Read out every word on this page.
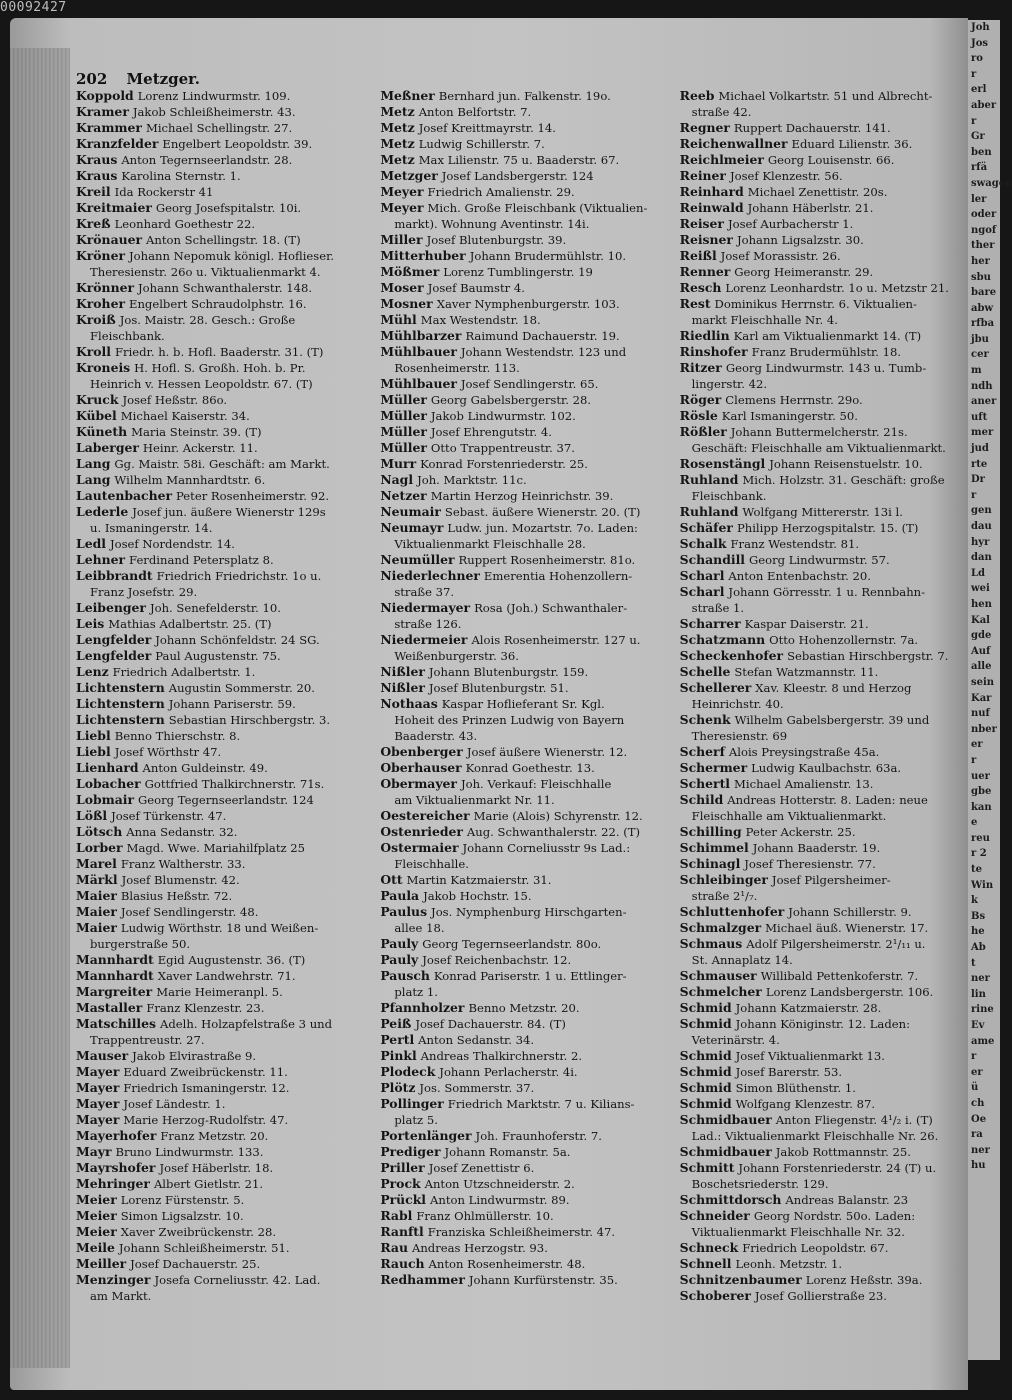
00092427
Joh
Jos
ro
r
erl
aber
r
Gr
ben
rfä
swagen
ler
oder
ngof
ther
her
sbu
bare
abw
rfba
jbu
cer
m
ndh
aner
uft
mer
jud
rte
Dr
r
gen
dau
hyr
dan
Ld
wei
hen
Kal
gde
Auf
alle
sein
Kar
nuf
nber
er
r
uer
gbe
kan
e
reu
r 2
te
Win
k
Bs
he
Ab
t
ner
lin
rine
Ev
ame
r
er
ü
ch
Oe
ra
ner
hu
202 Metzger.
Koppold Lorenz Lindwurmstr. 109.
Kramer Jakob Schleißheimerstr. 43.
Krammer Michael Schellingstr. 27.
Kranzfelder Engelbert Leopoldstr. 39.
Kraus Anton Tegernseerlandstr. 28.
Kraus Karolina Sternstr. 1.
Kreil Ida Rockerstr 41
Kreitmaier Georg Josefspitalstr. 10i.
Kreß Leonhard Goethestr 22.
Krönauer Anton Schellingstr. 18. (T)
Kröner Johann Nepomuk königl. Hoflieser.
Theresienstr. 26o u. Viktualienmarkt 4.
Krönner Johann Schwanthalerstr. 148.
Kroher Engelbert Schraudolphstr. 16.
Kroiß Jos. Maistr. 28. Gesch.: Große
Fleischbank.
Kroll Friedr. h. b. Hofl. Baaderstr. 31. (T)
Kroneis H. Hofl. S. Großh. Hoh. b. Pr.
Heinrich v. Hessen Leopoldstr. 67. (T)
Kruck Josef Heßstr. 86o.
Kübel Michael Kaiserstr. 34.
Küneth Maria Steinstr. 39. (T)
Laberger Heinr. Ackerstr. 11.
Lang Gg. Maistr. 58i. Geschäft: am Markt.
Lang Wilhelm Mannhardtstr. 6.
Lautenbacher Peter Rosenheimerstr. 92.
Lederle Josef jun. äußere Wienerstr 129s
u. Ismaningerstr. 14.
Ledl Josef Nordendstr. 14.
Lehner Ferdinand Petersplatz 8.
Leibbrandt Friedrich Friedrichstr. 1o u.
Franz Josefstr. 29.
Leibenger Joh. Senefelderstr. 10.
Leis Mathias Adalbertstr. 25. (T)
Lengfelder Johann Schönfeldstr. 24 SG.
Lengfelder Paul Augustenstr. 75.
Lenz Friedrich Adalbertstr. 1.
Lichtenstern Augustin Sommerstr. 20.
Lichtenstern Johann Pariserstr. 59.
Lichtenstern Sebastian Hirschbergstr. 3.
Liebl Benno Thierschstr. 8.
Liebl Josef Wörthstr 47.
Lienhard Anton Guldeinstr. 49.
Lobacher Gottfried Thalkirchnerstr. 71s.
Lobmair Georg Tegernseerlandstr. 124
Lößl Josef Türkenstr. 47.
Lötsch Anna Sedanstr. 32.
Lorber Magd. Wwe. Mariahilfplatz 25
Marel Franz Waltherstr. 33.
Märkl Josef Blumenstr. 42.
Maier Blasius Heßstr. 72.
Maier Josef Sendlingerstr. 48.
Maier Ludwig Wörthstr. 18 und Weißen-
burgerstraße 50.
Mannhardt Egid Augustenstr. 36. (T)
Mannhardt Xaver Landwehrstr. 71.
Margreiter Marie Heimeranpl. 5.
Mastaller Franz Klenzestr. 23.
Matschilles Adelh. Holzapfelstraße 3 und
Trappentreustr. 27.
Mauser Jakob Elvirastraße 9.
Mayer Eduard Zweibrückenstr. 11.
Mayer Friedrich Ismaningerstr. 12.
Mayer Josef Ländestr. 1.
Mayer Marie Herzog-Rudolfstr. 47.
Mayerhofer Franz Metzstr. 20.
Mayr Bruno Lindwurmstr. 133.
Mayrshofer Josef Häberlstr. 18.
Mehringer Albert Gietlstr. 21.
Meier Lorenz Fürstenstr. 5.
Meier Simon Ligsalzstr. 10.
Meier Xaver Zweibrückenstr. 28.
Meile Johann Schleißheimerstr. 51.
Meiller Josef Dachauerstr. 25.
Menzinger Josefa Corneliusstr. 42. Lad.
am Markt.
Meßner Bernhard jun. Falkenstr. 19o.
Metz Anton Belfortstr. 7.
Metz Josef Kreittmayrstr. 14.
Metz Ludwig Schillerstr. 7.
Metz Max Lilienstr. 75 u. Baaderstr. 67.
Metzger Josef Landsbergerstr. 124
Meyer Friedrich Amalienstr. 29.
Meyer Mich. Große Fleischbank (Viktualien-
markt). Wohnung Aventinstr. 14i.
Miller Josef Blutenburgstr. 39.
Mitterhuber Johann Brudermühlstr. 10.
Mößmer Lorenz Tumblingerstr. 19
Moser Josef Baumstr 4.
Mosner Xaver Nymphenburgerstr. 103.
Mühl Max Westendstr. 18.
Mühlbarzer Raimund Dachauerstr. 19.
Mühlbauer Johann Westendstr. 123 und
Rosenheimerstr. 113.
Mühlbauer Josef Sendlingerstr. 65.
Müller Georg Gabelsbergerstr. 28.
Müller Jakob Lindwurmstr. 102.
Müller Josef Ehrengutstr. 4.
Müller Otto Trappentreustr. 37.
Murr Konrad Forstenriederstr. 25.
Nagl Joh. Marktstr. 11c.
Netzer Martin Herzog Heinrichstr. 39.
Neumair Sebast. äußere Wienerstr. 20. (T)
Neumayr Ludw. jun. Mozartstr. 7o. Laden:
Viktualienmarkt Fleischhalle 28.
Neumüller Ruppert Rosenheimerstr. 81o.
Niederlechner Emerentia Hohenzollern-
straße 37.
Niedermayer Rosa (Joh.) Schwanthaler-
straße 126.
Niedermeier Alois Rosenheimerstr. 127 u.
Weißenburgerstr. 36.
Nißler Johann Blutenburgstr. 159.
Nißler Josef Blutenburgstr. 51.
Nothaas Kaspar Hoflieferant Sr. Kgl.
Hoheit des Prinzen Ludwig von Bayern
Baaderstr. 43.
Obenberger Josef äußere Wienerstr. 12.
Oberhauser Konrad Goethestr. 13.
Obermayer Joh. Verkauf: Fleischhalle
am Viktualienmarkt Nr. 11.
Oestereicher Marie (Alois) Schyrenstr. 12.
Ostenrieder Aug. Schwanthalerstr. 22. (T)
Ostermaier Johann Corneliusstr 9s Lad.:
Fleischhalle.
Ott Martin Katzmaierstr. 31.
Paula Jakob Hochstr. 15.
Paulus Jos. Nymphenburg Hirschgarten-
allee 18.
Pauly Georg Tegernseerlandstr. 80o.
Pauly Josef Reichenbachstr. 12.
Pausch Konrad Pariserstr. 1 u. Ettlinger-
platz 1.
Pfannholzer Benno Metzstr. 20.
Peiß Josef Dachauerstr. 84. (T)
Pertl Anton Sedanstr. 34.
Pinkl Andreas Thalkirchnerstr. 2.
Plodeck Johann Perlacherstr. 4i.
Plötz Jos. Sommerstr. 37.
Pollinger Friedrich Marktstr. 7 u. Kilians-
platz 5.
Portenlänger Joh. Fraunhoferstr. 7.
Prediger Johann Romanstr. 5a.
Priller Josef Zenettistr 6.
Prock Anton Utzschneiderstr. 2.
Prückl Anton Lindwurmstr. 89.
Rabl Franz Ohlmüllerstr. 10.
Ranftl Franziska Schleißheimerstr. 47.
Rau Andreas Herzogstr. 93.
Rauch Anton Rosenheimerstr. 48.
Redhammer Johann Kurfürstenstr. 35.
Reeb Michael Volkartstr. 51 und Albrecht-
straße 42.
Regner Ruppert Dachauerstr. 141.
Reichenwallner Eduard Lilienstr. 36.
Reichlmeier Georg Louisenstr. 66.
Reiner Josef Klenzestr. 56.
Reinhard Michael Zenettistr. 20s.
Reinwald Johann Häberlstr. 21.
Reiser Josef Aurbacherstr 1.
Reisner Johann Ligsalzstr. 30.
Reißl Josef Morassistr. 26.
Renner Georg Heimeranstr. 29.
Resch Lorenz Leonhardstr. 1o u. Metzstr 21.
Rest Dominikus Herrnstr. 6. Viktualien-
markt Fleischhalle Nr. 4.
Riedlin Karl am Viktualienmarkt 14. (T)
Rinshofer Franz Brudermühlstr. 18.
Ritzer Georg Lindwurmstr. 143 u. Tumb-
lingerstr. 42.
Röger Clemens Herrnstr. 29o.
Rösle Karl Ismaningerstr. 50.
Rößler Johann Buttermelcherstr. 21s.
Geschäft: Fleischhalle am Viktualienmarkt.
Rosenstängl Johann Reisenstuelstr. 10.
Ruhland Mich. Holzstr. 31. Geschäft: große
Fleischbank.
Ruhland Wolfgang Mittererstr. 13i l.
Schäfer Philipp Herzogspitalstr. 15. (T)
Schalk Franz Westendstr. 81.
Schandill Georg Lindwurmstr. 57.
Scharl Anton Entenbachstr. 20.
Scharl Johann Görresstr. 1 u. Rennbahn-
straße 1.
Scharrer Kaspar Daiserstr. 21.
Schatzmann Otto Hohenzollernstr. 7a.
Scheckenhofer Sebastian Hirschbergstr. 7.
Schelle Stefan Watzmannstr. 11.
Schellerer Xav. Kleestr. 8 und Herzog
Heinrichstr. 40.
Schenk Wilhelm Gabelsbergerstr. 39 und
Theresienstr. 69
Scherf Alois Preysingstraße 45a.
Schermer Ludwig Kaulbachstr. 63a.
Schertl Michael Amalienstr. 13.
Schild Andreas Hotterstr. 8. Laden: neue
Fleischhalle am Viktualienmarkt.
Schilling Peter Ackerstr. 25.
Schimmel Johann Baaderstr. 19.
Schinagl Josef Theresienstr. 77.
Schleibinger Josef Pilgersheimer-
straße 2¹/₇.
Schluttenhofer Johann Schillerstr. 9.
Schmalzger Michael äuß. Wienerstr. 17.
Schmaus Adolf Pilgersheimerstr. 2¹/₁₁ u.
St. Annaplatz 14.
Schmauser Willibald Pettenkoferstr. 7.
Schmelcher Lorenz Landsbergerstr. 106.
Schmid Johann Katzmaierstr. 28.
Schmid Johann Königinstr. 12. Laden:
Veterinärstr. 4.
Schmid Josef Viktualienmarkt 13.
Schmid Josef Barerstr. 53.
Schmid Simon Blüthenstr. 1.
Schmid Wolfgang Klenzestr. 87.
Schmidbauer Anton Fliegenstr. 4¹/₂ i. (T)
Lad.: Viktualienmarkt Fleischhalle Nr. 26.
Schmidbauer Jakob Rottmannstr. 25.
Schmitt Johann Forstenriederstr. 24 (T) u.
Boschetsriederstr. 129.
Schmittdorsch Andreas Balanstr. 23
Schneider Georg Nordstr. 50o. Laden:
Viktualienmarkt Fleischhalle Nr. 32.
Schneck Friedrich Leopoldstr. 67.
Schnell Leonh. Metzstr. 1.
Schnitzenbaumer Lorenz Heßstr. 39a.
Schoberer Josef Gollierstraße 23.
